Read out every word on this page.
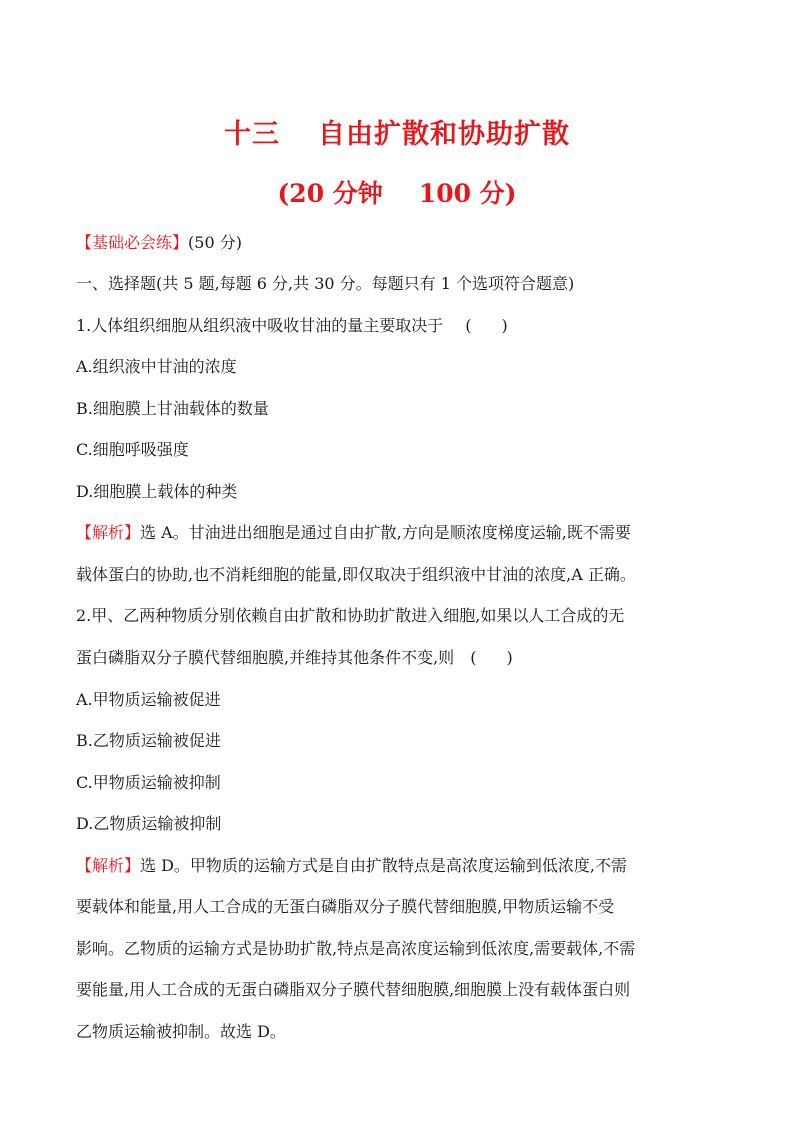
十三 自由扩散和协助扩散
(20 分钟 100 分)
【基础必会练】(50 分)
一、选择题(共 5 题,每题 6 分,共 30 分。每题只有 1 个选项符合题意)
1.人体组织细胞从组织液中吸收甘油的量主要取决于 ( )
A.组织液中甘油的浓度
B.细胞膜上甘油载体的数量
C.细胞呼吸强度
D.细胞膜上载体的种类
【解析】选 A。甘油进出细胞是通过自由扩散,方向是顺浓度梯度运输,既不需要
载体蛋白的协助,也不消耗细胞的能量,即仅取决于组织液中甘油的浓度,A 正确。
2.甲、乙两种物质分别依赖自由扩散和协助扩散进入细胞,如果以人工合成的无
蛋白磷脂双分子膜代替细胞膜,并维持其他条件不变,则 ( )
A.甲物质运输被促进
B.乙物质运输被促进
C.甲物质运输被抑制
D.乙物质运输被抑制
【解析】选 D。甲物质的运输方式是自由扩散特点是高浓度运输到低浓度,不需
要载体和能量,用人工合成的无蛋白磷脂双分子膜代替细胞膜,甲物质运输不受
影响。乙物质的运输方式是协助扩散,特点是高浓度运输到低浓度,需要载体,不需
要能量,用人工合成的无蛋白磷脂双分子膜代替细胞膜,细胞膜上没有载体蛋白则
乙物质运输被抑制。故选 D。
